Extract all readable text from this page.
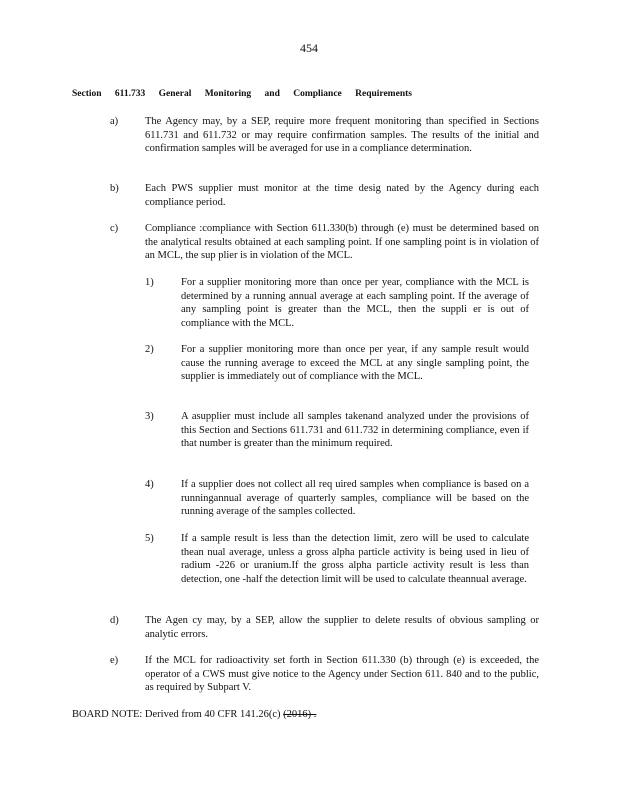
454
Section 611.733 General Monitoring and Compliance Requirements
a)	The Agency may, by a SEP, require more frequent monitoring than specified in Sections 611.731 and 611.732 or may require confirmation samples. The results of the initial and confirmation samples will be averaged for use in a compliance determination.
b)	Each PWS supplier must monitor at the time desig nated by the Agency during each compliance period.
c)	Compliance :compliance with Section 611.330(b) through (e) must be determined based on the analytical results obtained at each sampling point. If one sampling point is in violation of an MCL, the sup plier is in violation of the MCL.
1)	For a supplier monitoring more than once per year, compliance with the MCL is determined by a running annual average at each sampling point. If the average of any sampling point is greater than the MCL, then the suppli er is out of compliance with the MCL.
2)	For a supplier monitoring more than once per year, if any sample result would cause the running average to exceed the MCL at any single sampling point, the supplier is immediately out of compliance with the MCL.
3)	A asupplier must include all samples takenand analyzed under the provisions of this Section and Sections 611.731 and 611.732 in determining compliance, even if that number is greater than the minimum required.
4)	If a supplier does not collect all req uired samples when compliance is based on a runningannual average of quarterly samples, compliance will be based on the running average of the samples collected.
5)	If a sample result is less than the detection limit, zero will be used to calculate thean nual average, unless a gross alpha particle activity is being used in lieu of radium -226 or uranium.If the gross alpha particle activity result is less than detection, one -half the detection limit will be used to calculate theannual average.
d)	The Agen cy may, by a SEP, allow the supplier to delete results of obvious sampling or analytic errors.
e)	If the MCL for radioactivity set forth in Section 611.330 (b) through (e) is exceeded, the operator of a CWS must give notice to the Agency under Section 611. 840 and to the public, as required by Subpart V.
BOARD NOTE: Derived from 40 CFR 141.26(c) (2016) .
